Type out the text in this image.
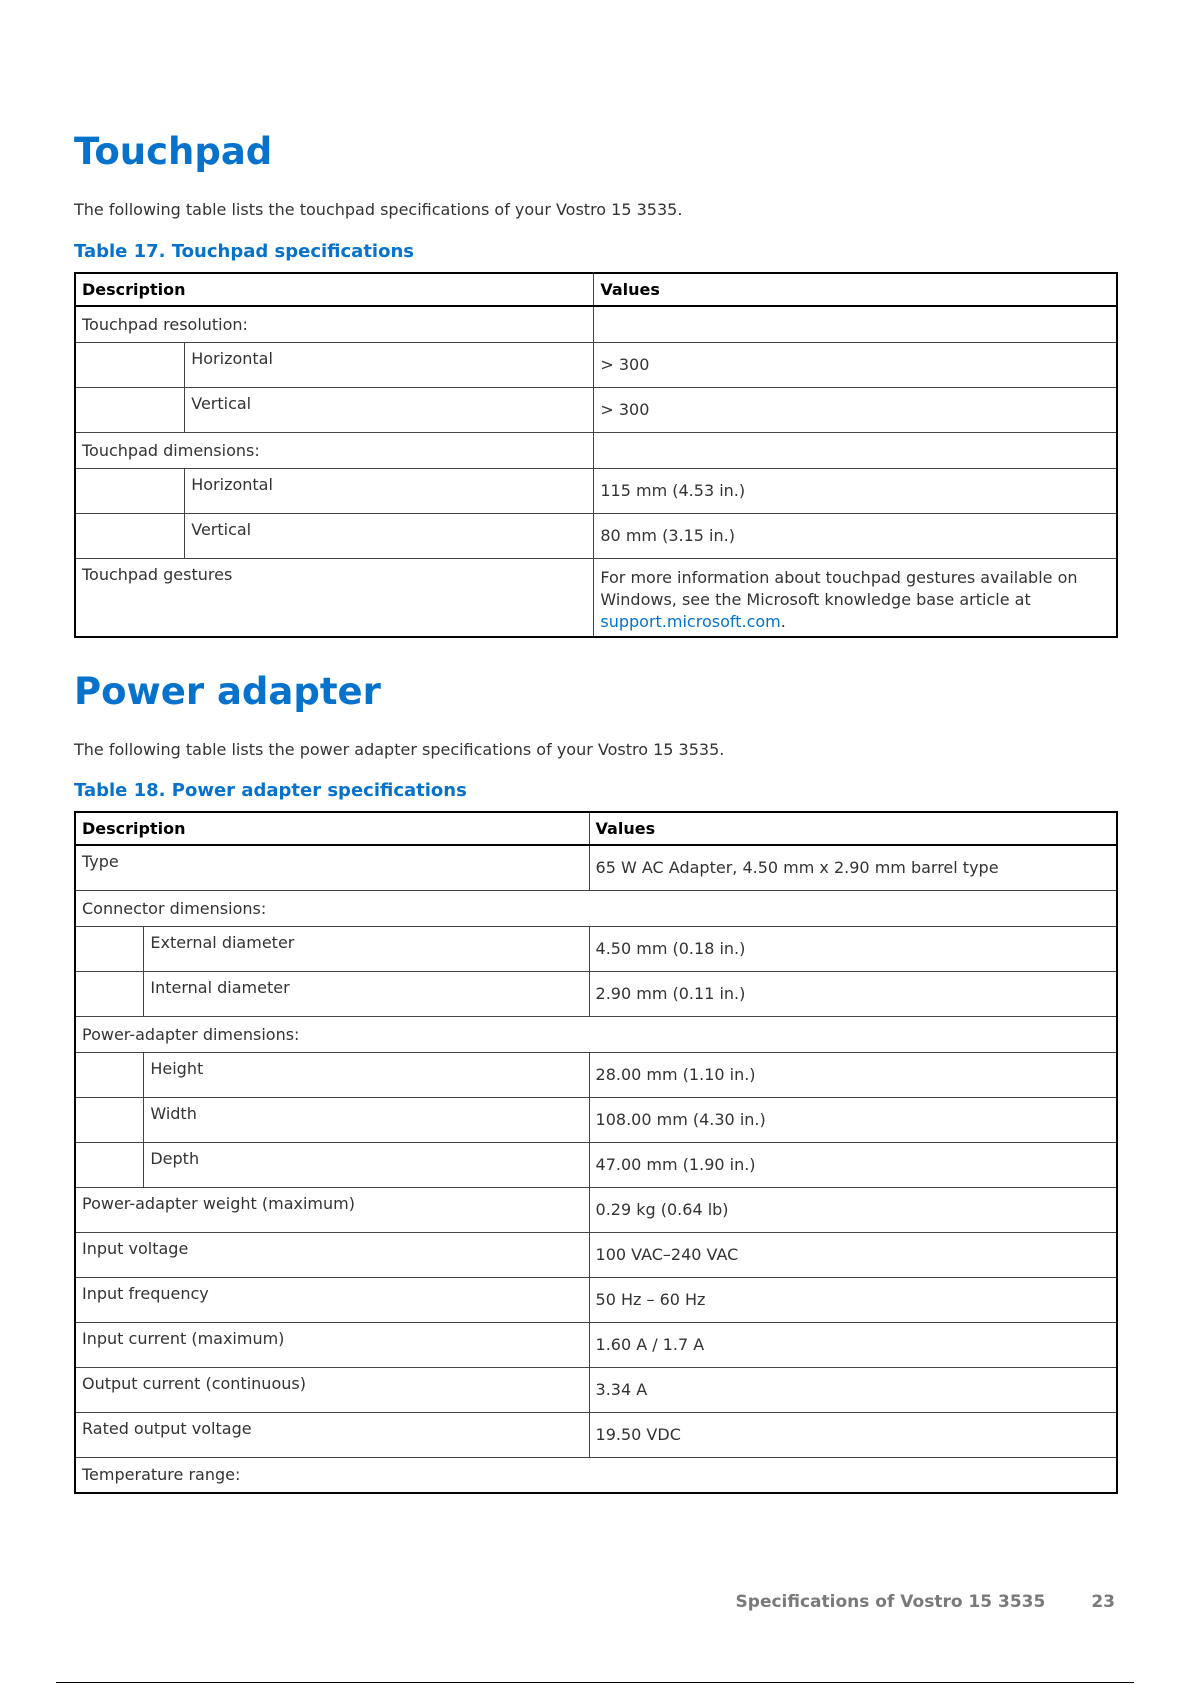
Touchpad
The following table lists the touchpad specifications of your Vostro 15 3535.
Table 17. Touchpad specifications
Description		Values
Touchpad resolution:		
	Horizontal	> 300
	Vertical	> 300
Touchpad dimensions:		
	Horizontal	115 mm (4.53 in.)
	Vertical	80 mm (3.15 in.)
Touchpad gestures		For more information about touchpad gestures available on Windows, see the Microsoft knowledge base article at support.microsoft.com.
Power adapter
The following table lists the power adapter specifications of your Vostro 15 3535.
Table 18. Power adapter specifications
Description		Values
Type		65 W AC Adapter, 4.50 mm x 2.90 mm barrel type
Connector dimensions:		
	External diameter	4.50 mm (0.18 in.)
	Internal diameter	2.90 mm (0.11 in.)
Power-adapter dimensions:		
	Height	28.00 mm (1.10 in.)
	Width	108.00 mm (4.30 in.)
	Depth	47.00 mm (1.90 in.)
Power-adapter weight (maximum)		0.29 kg (0.64 lb)
Input voltage		100 VAC–240 VAC
Input frequency		50 Hz – 60 Hz
Input current (maximum)		1.60 A / 1.7 A
Output current (continuous)		3.34 A
Rated output voltage		19.50 VDC
Temperature range:		
Specifications of Vostro 15 3535	23
